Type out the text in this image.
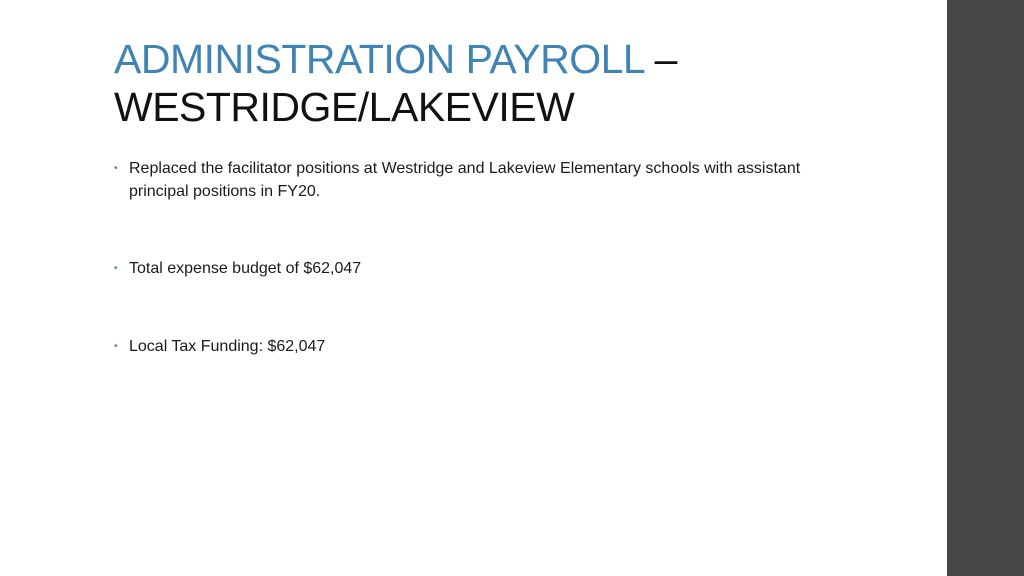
ADMINISTRATION PAYROLL –
WESTRIDGE/LAKEVIEW
• Replaced the facilitator positions at Westridge and Lakeview Elementary schools with assistant principal positions in FY20.
• Total expense budget of $62,047
• Local Tax Funding: $62,047
